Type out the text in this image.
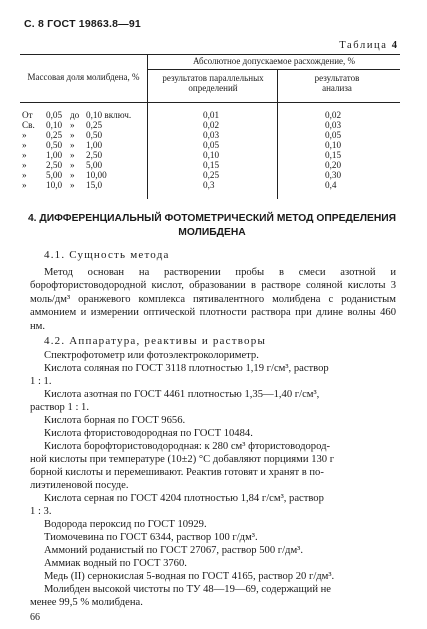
С. 8 ГОСТ 19863.8—91
Таблица 4
Массовая доля молибдена, %
Абсолютное допускаемое расхождение, %
результатов параллельных определений
результатов анализа
От
Св.
»
»
»
»
»
»
0,05
0,10
0,25
0,50
1,00
2,50
5,00
10,0
до
»
»
»
»
»
»
»
0,10 включ.
0,25
0,50
1,00
2,50
5,00
10,00
15,0
0,01
0,02
0,03
0,05
0,10
0,15
0,25
0,3
0,02
0,03
0,05
0,10
0,15
0,20
0,30
0,4
4. ДИФФЕРЕНЦИАЛЬНЫЙ ФОТОМЕТРИЧЕСКИЙ МЕТОД ОПРЕДЕЛЕНИЯ МОЛИБДЕНА
4.1. Сущность метода
Метод основан на растворении пробы в смеси азотной и борофтористоводородной кислот, образовании в растворе соляной кислоты 3 моль/дм³ оранжевого комплекса пятивалентного молибдена с роданистым аммонием и измерении оптической плотности раствора при длине волны 460 нм.
4.2. Аппаратура, реактивы и растворы
Спектрофотометр или фотоэлектроколориметр.
Кислота соляная по ГОСТ 3118 плотностью 1,19 г/см³, раствор
1 : 1.
Кислота азотная по ГОСТ 4461 плотностью 1,35—1,40 г/см³,
раствор 1 : 1.
Кислота борная по ГОСТ 9656.
Кислота фтористоводородная по ГОСТ 10484.
Кислота борофтористоводородная: к 280 см³ фтористоводород-
ной кислоты при температуре (10±2) °С добавляют порциями 130 г
борной кислоты и перемешивают. Реактив готовят и хранят в по-
лиэтиленовой посуде.
Кислота серная по ГОСТ 4204 плотностью 1,84 г/см³, раствор
1 : 3.
Водорода пероксид по ГОСТ 10929.
Тиомочевина по ГОСТ 6344, раствор 100 г/дм³.
Аммоний роданистый по ГОСТ 27067, раствор 500 г/дм³.
Аммиак водный по ГОСТ 3760.
Медь (II) сернокислая 5-водная по ГОСТ 4165, раствор 20 г/дм³.
Молибден высокой чистоты по ТУ 48—19—69, содержащий не
менее 99,5 % молибдена.
66
